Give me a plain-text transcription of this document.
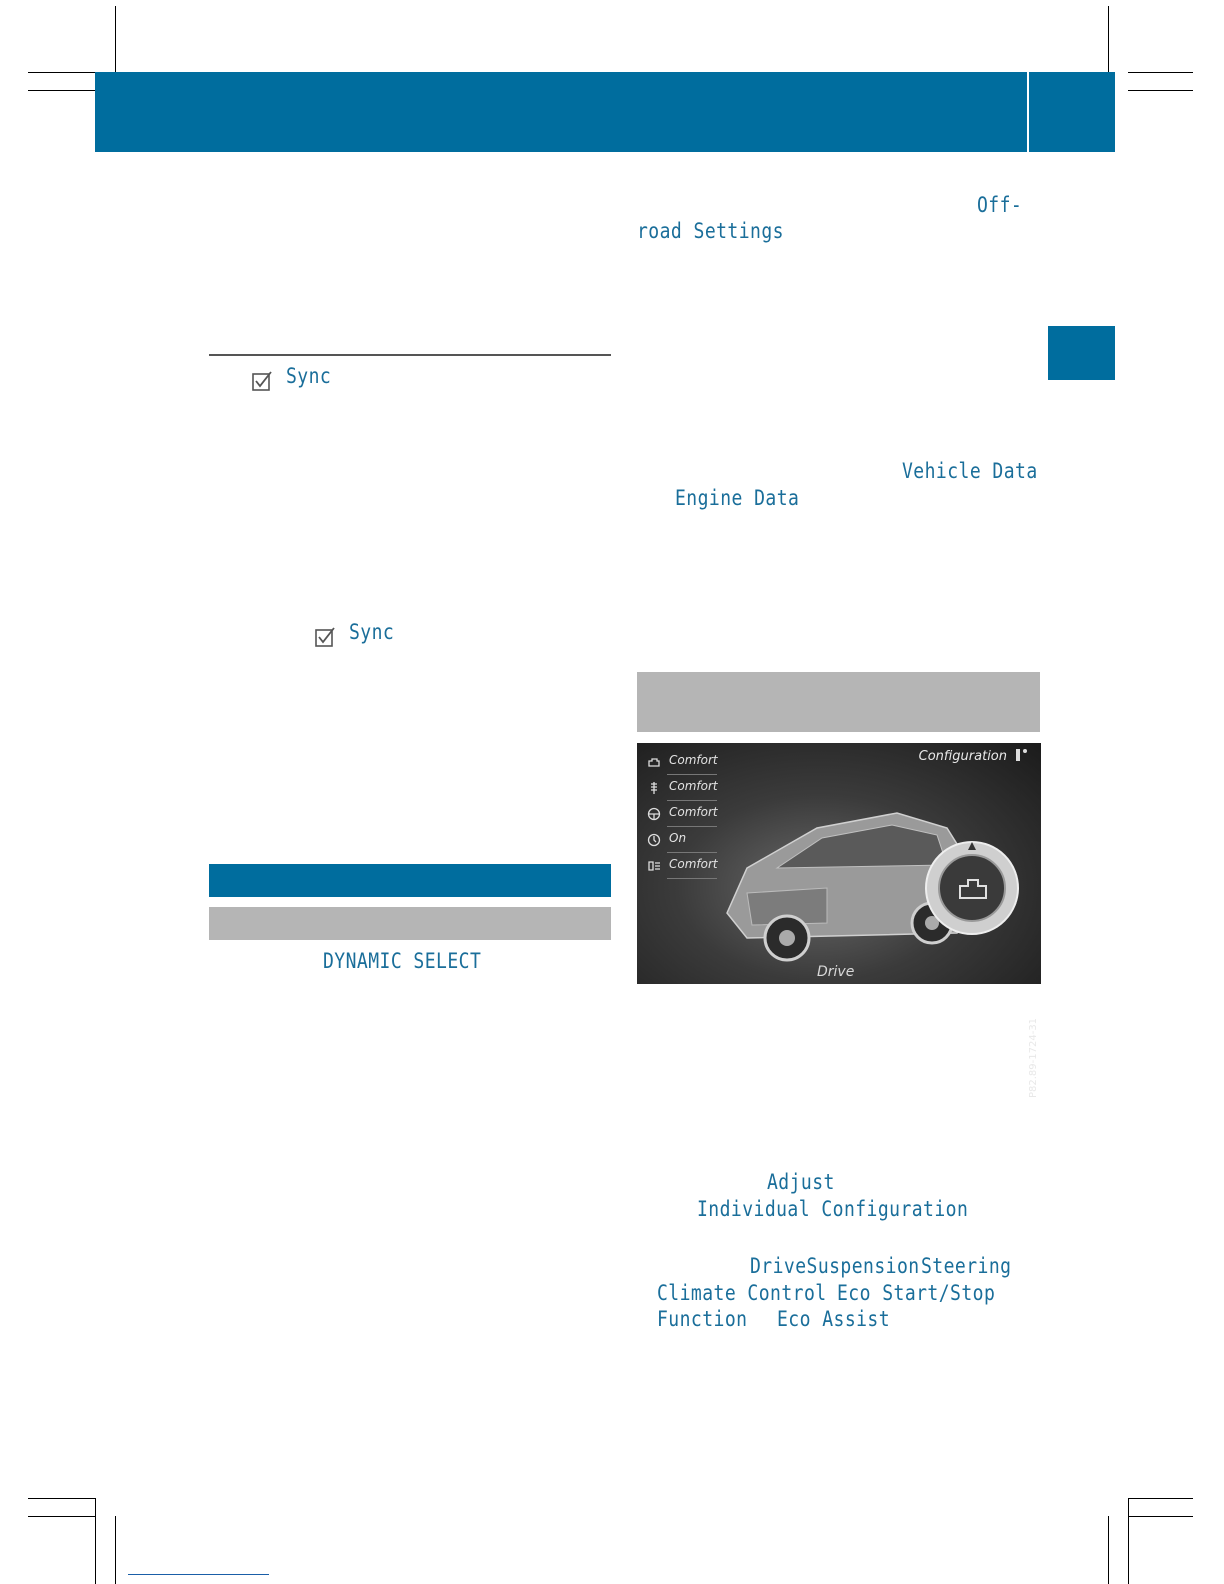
Sync
Sync
DYNAMIC SELECT
Off-
road Settings
Vehicle Data
Engine Data
Comfort
Comfort
Comfort
On
Comfort
Configuration
Drive
P82.89-1724-31
Adjust
Individual Configuration
DriveSuspension Steering
Climate Control Eco Start/Stop
Function Eco Assist
